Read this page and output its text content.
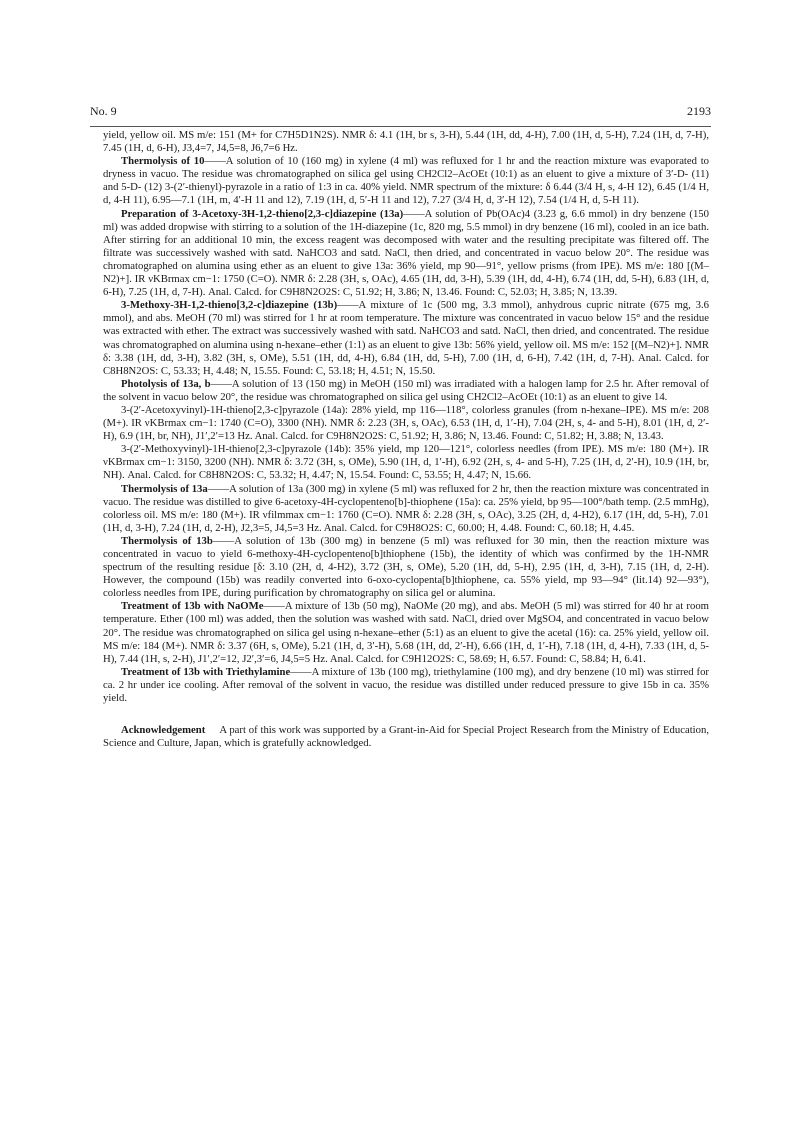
No. 9	2193

yield, yellow oil. MS m/e: 151 (M+ for C7H5D1N2S). NMR δ: 4.1 (1H, br s, 3-H), 5.44 (1H, dd, 4-H), 7.00 (1H, d, 5-H), 7.24 (1H, d, 7-H), 7.45 (1H, d, 6-H), J3,4=7, J4,5=8, J6,7=6 Hz.

Thermolysis of 10——A solution of 10 (160 mg) in xylene (4 ml) was refluxed for 1 hr and the reaction mixture was evaporated to dryness in vacuo. The residue was chromatographed on silica gel using CH2Cl2–AcOEt (10:1) as an eluent to give a mixture of 3′-D- (11) and 5-D- (12) 3-(2′-thienyl)-pyrazole in a ratio of 1:3 in ca. 40% yield. NMR spectrum of the mixture: δ 6.44 (3/4 H, s, 4-H 12), 6.45 (1/4 H, d, 4-H 11), 6.95—7.1 (1H, m, 4′-H 11 and 12), 7.19 (1H, d, 5′-H 11 and 12), 7.27 (3/4 H, d, 3′-H 12), 7.54 (1/4 H, d, 5-H 11).

Preparation of 3-Acetoxy-3H-1,2-thieno[2,3-c]diazepine (13a)——A solution of Pb(OAc)4 (3.23 g, 6.6 mmol) in dry benzene (150 ml) was added dropwise with stirring to a solution of the 1H-diazepine (1c, 820 mg, 5.5 mmol) in dry benzene (16 ml), cooled in an ice bath. After stirring for an additional 10 min, the excess reagent was decomposed with water and the resulting precipitate was filtered off. The filtrate was successively washed with satd. NaHCO3 and satd. NaCl, then dried, and concentrated in vacuo below 20°. The residue was chromatographed on alumina using ether as an eluent to give 13a: 36% yield, mp 90—91°, yellow prisms (from IPE). MS m/e: 180 [(M–N2)+]. IR νKBrmax cm−1: 1750 (C=O). NMR δ: 2.28 (3H, s, OAc), 4.65 (1H, dd, 3-H), 5.39 (1H, dd, 4-H), 6.74 (1H, dd, 5-H), 6.83 (1H, d, 6-H), 7.25 (1H, d, 7-H). Anal. Calcd. for C9H8N2O2S: C, 51.92; H, 3.86; N, 13.46. Found: C, 52.03; H, 3.85; N, 13.39.

3-Methoxy-3H-1,2-thieno[3,2-c]diazepine (13b)——A mixture of 1c (500 mg, 3.3 mmol), anhydrous cupric nitrate (675 mg, 3.6 mmol), and abs. MeOH (70 ml) was stirred for 1 hr at room temperature. The mixture was concentrated in vacuo below 15° and the residue was extracted with ether. The extract was successively washed with satd. NaHCO3 and satd. NaCl, then dried, and concentrated. The residue was chromatographed on alumina using n-hexane–ether (1:1) as an eluent to give 13b: 56% yield, yellow oil. MS m/e: 152 [(M–N2)+]. NMR δ: 3.38 (1H, dd, 3-H), 3.82 (3H, s, OMe), 5.51 (1H, dd, 4-H), 6.84 (1H, dd, 5-H), 7.00 (1H, d, 6-H), 7.42 (1H, d, 7-H). Anal. Calcd. for C8H8N2OS: C, 53.33; H, 4.48; N, 15.55. Found: C, 53.18; H, 4.51; N, 15.50.

Photolysis of 13a, b——A solution of 13 (150 mg) in MeOH (150 ml) was irradiated with a halogen lamp for 2.5 hr. After removal of the solvent in vacuo below 20°, the residue was chromatographed on silica gel using CH2Cl2–AcOEt (10:1) as an eluent to give 14.

3-(2′-Acetoxyvinyl)-1H-thieno[2,3-c]pyrazole (14a): 28% yield, mp 116—118°, colorless granules (from n-hexane–IPE). MS m/e: 208 (M+). IR νKBrmax cm−1: 1740 (C=O), 3300 (NH). NMR δ: 2.23 (3H, s, OAc), 6.53 (1H, d, 1′-H), 7.04 (2H, s, 4- and 5-H), 8.01 (1H, d, 2′-H), 6.9 (1H, br, NH), J1′,2′=13 Hz. Anal. Calcd. for C9H8N2O2S: C, 51.92; H, 3.86; N, 13.46. Found: C, 51.82; H, 3.88; N, 13.43.

3-(2′-Methoxyvinyl)-1H-thieno[2,3-c]pyrazole (14b): 35% yield, mp 120—121°, colorless needles (from IPE). MS m/e: 180 (M+). IR νKBrmax cm−1: 3150, 3200 (NH). NMR δ: 3.72 (3H, s, OMe), 5.90 (1H, d, 1′-H), 6.92 (2H, s, 4- and 5-H), 7.25 (1H, d, 2′-H), 10.9 (1H, br, NH). Anal. Calcd. for C8H8N2OS: C, 53.32; H, 4.47; N, 15.54. Found: C, 53.55; H, 4.47; N, 15.66.

Thermolysis of 13a——A solution of 13a (300 mg) in xylene (5 ml) was refluxed for 2 hr, then the reaction mixture was concentrated in vacuo. The residue was distilled to give 6-acetoxy-4H-cyclopenteno[b]-thiophene (15a): ca. 25% yield, bp 95—100°/bath temp. (2.5 mmHg), colorless oil. MS m/e: 180 (M+). IR νfilmmax cm−1: 1760 (C=O). NMR δ: 2.28 (3H, s, OAc), 3.25 (2H, d, 4-H2), 6.17 (1H, dd, 5-H), 7.01 (1H, d, 3-H), 7.24 (1H, d, 2-H), J2,3=5, J4,5=3 Hz. Anal. Calcd. for C9H8O2S: C, 60.00; H, 4.48. Found: C, 60.18; H, 4.45.

Thermolysis of 13b——A solution of 13b (300 mg) in benzene (5 ml) was refluxed for 30 min, then the reaction mixture was concentrated in vacuo to yield 6-methoxy-4H-cyclopenteno[b]thiophene (15b), the identity of which was confirmed by the 1H-NMR spectrum of the resulting residue [δ: 3.10 (2H, d, 4-H2), 3.72 (3H, s, OMe), 5.20 (1H, dd, 5-H), 2.95 (1H, d, 3-H), 7.15 (1H, d, 2-H). However, the compound (15b) was readily converted into 6-oxo-cyclopenta[b]thiophene, ca. 55% yield, mp 93—94° (lit.14) 92—93°), colorless needles from IPE, during purification by chromatography on silica gel or alumina.

Treatment of 13b with NaOMe——A mixture of 13b (50 mg), NaOMe (20 mg), and abs. MeOH (5 ml) was stirred for 40 hr at room temperature. Ether (100 ml) was added, then the solution was washed with satd. NaCl, dried over MgSO4, and concentrated in vacuo below 20°. The residue was chromatographed on silica gel using n-hexane–ether (5:1) as an eluent to give the acetal (16): ca. 25% yield, yellow oil. MS m/e: 184 (M+). NMR δ: 3.37 (6H, s, OMe), 5.21 (1H, d, 3′-H), 5.68 (1H, dd, 2′-H), 6.66 (1H, d, 1′-H), 7.18 (1H, d, 4-H), 7.33 (1H, d, 5-H), 7.44 (1H, s, 2-H), J1′,2′=12, J2′,3′=6, J4,5=5 Hz. Anal. Calcd. for C9H12O2S: C, 58.69; H, 6.57. Found: C, 58.84; H, 6.41.

Treatment of 13b with Triethylamine——A mixture of 13b (100 mg), triethylamine (100 mg), and dry benzene (10 ml) was stirred for ca. 2 hr under ice cooling. After removal of the solvent in vacuo, the residue was distilled under reduced pressure to give 15b in ca. 35% yield.

Acknowledgement A part of this work was supported by a Grant-in-Aid for Special Project Research from the Ministry of Education, Science and Culture, Japan, which is gratefully acknowledged.
